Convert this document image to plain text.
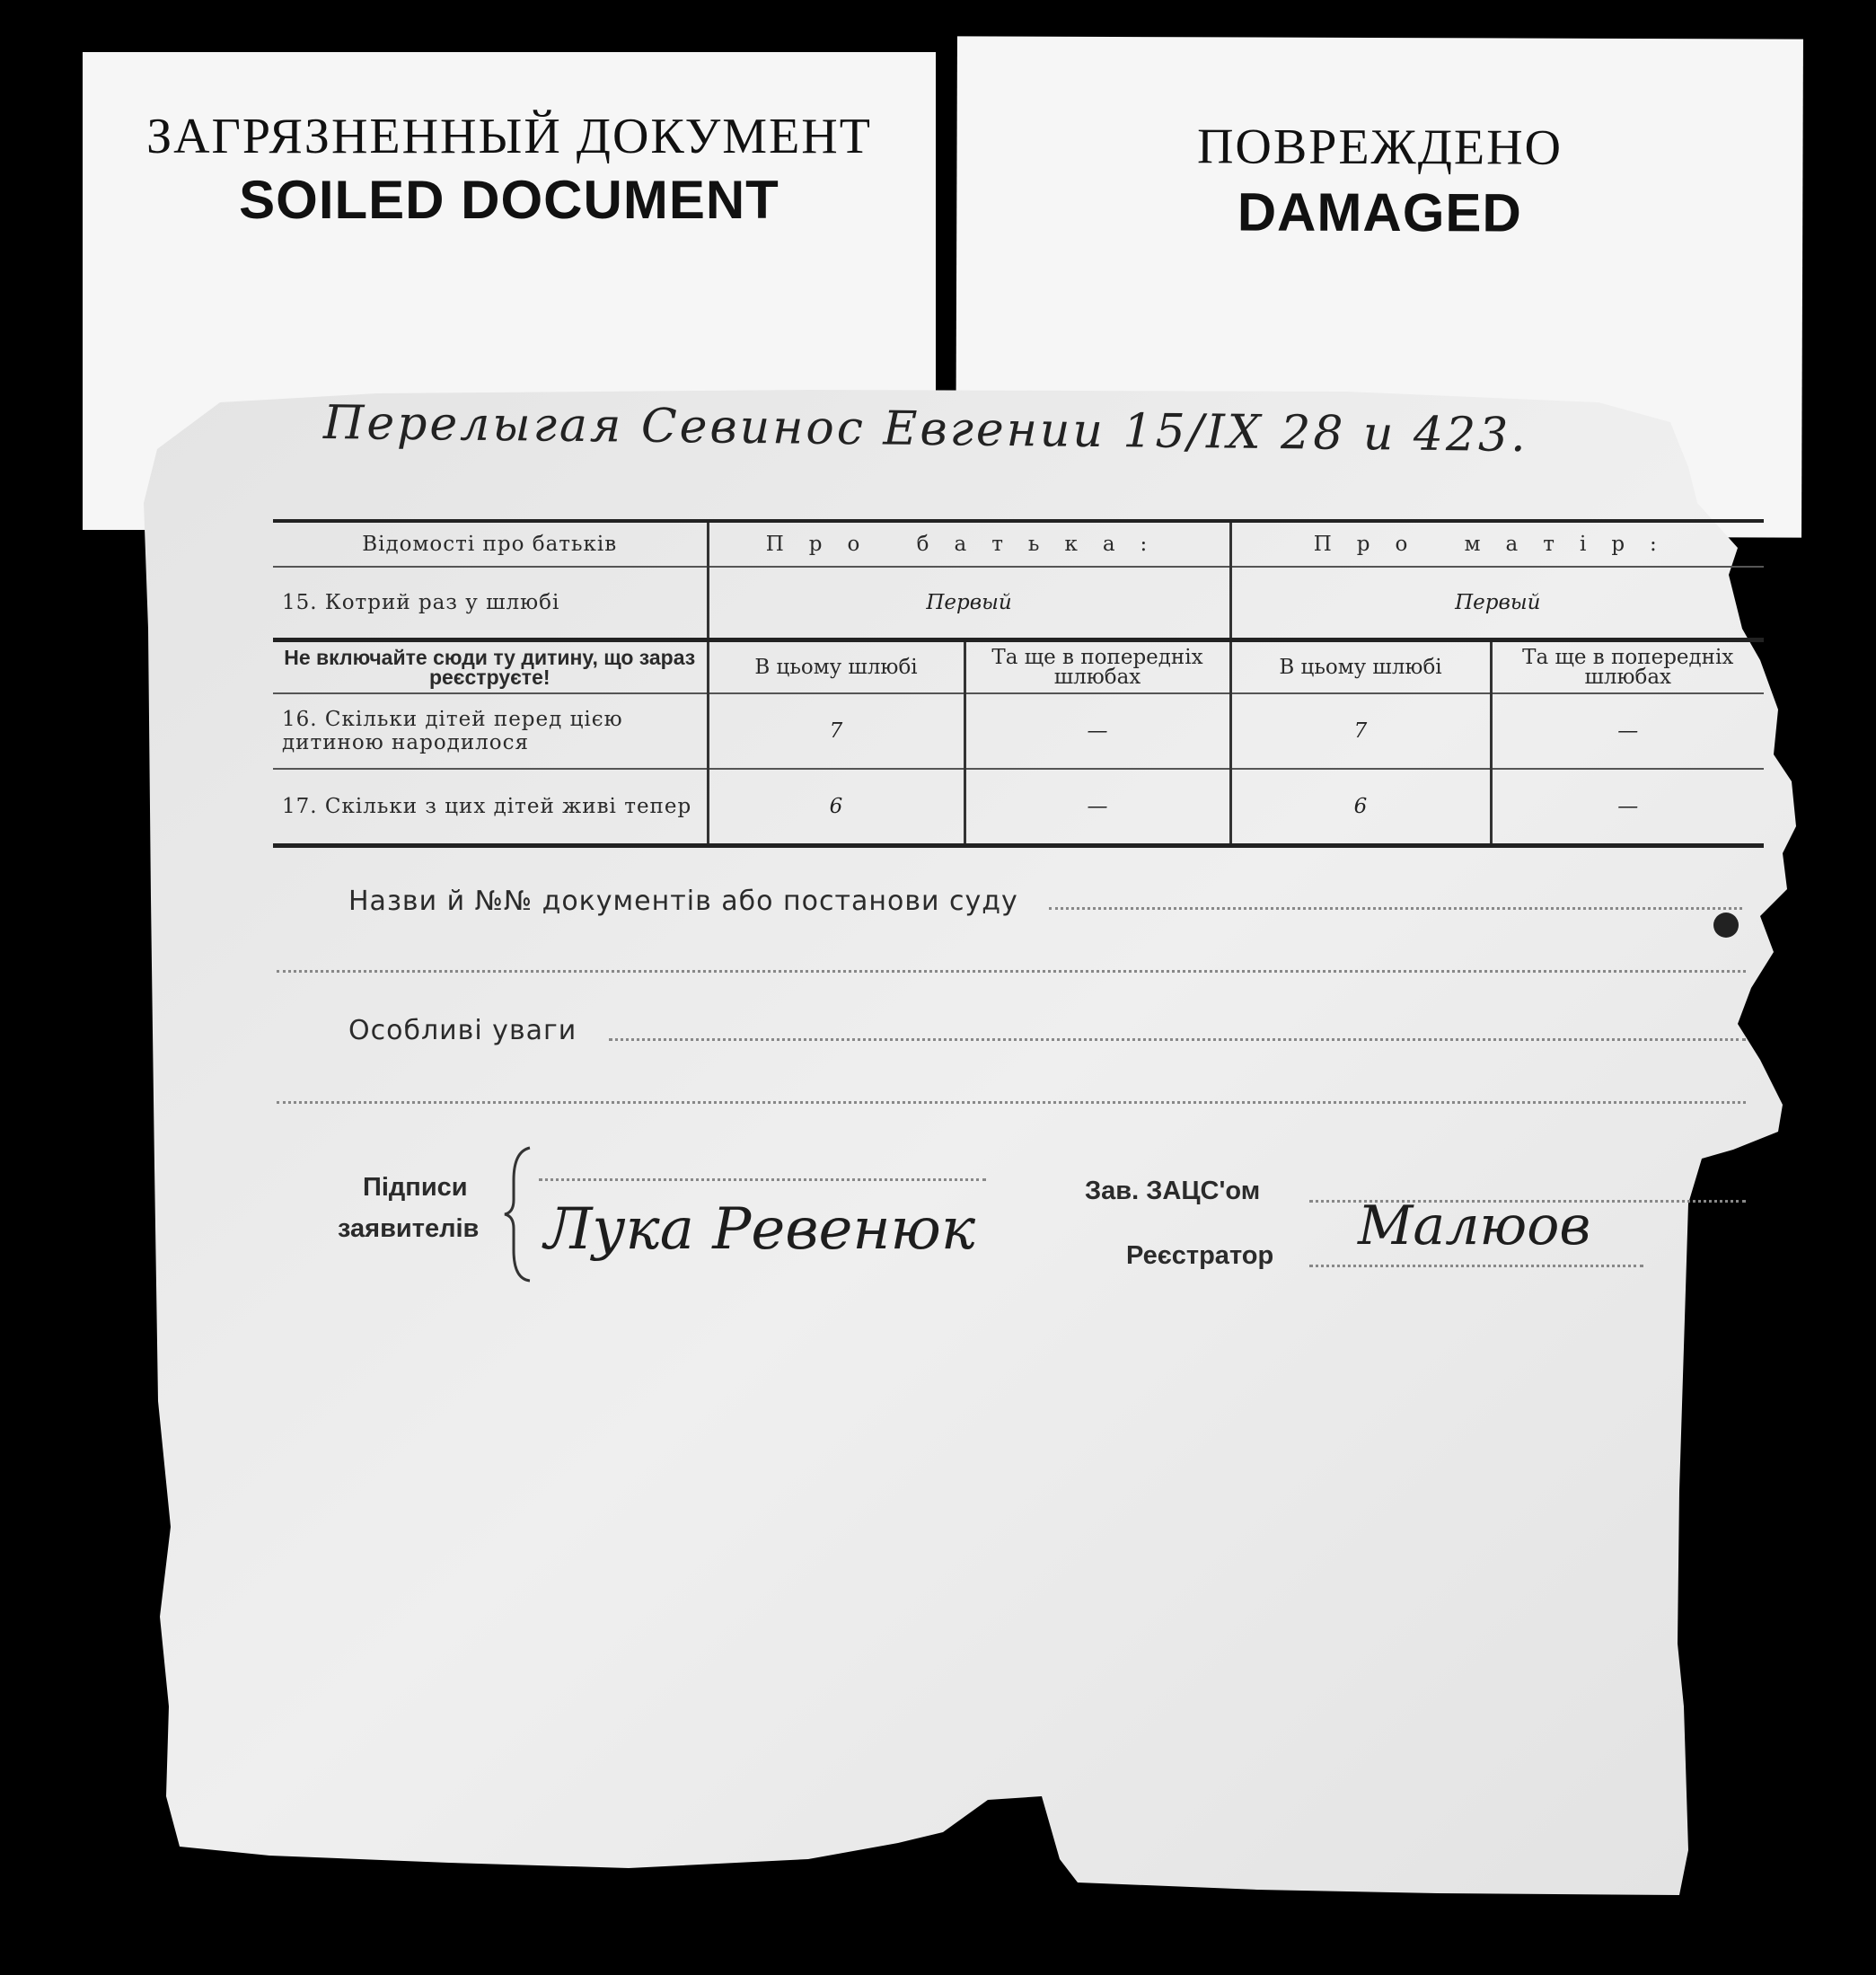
ЗАГРЯЗНЕННЫЙ ДОКУМЕНТ
SOILED DOCUMENT
ПОВРЕЖДЕНО
DAMAGED
Перелыгая Севинос Евгении 15/IX 28 и 423.
Відомості про батьків	Про батька:		Про матір:	
15. Котрий раз у шлюбі	Первый		Первый	
Не включайте сюди ту дитину, що зараз реєструєте!	В цьому шлюбі	Та ще в попередніх шлюбах	В цьому шлюбі	Та ще в попередніх шлюбах
16. Скільки дітей перед цією дитиною народилося	7	—	7	—
17. Скільки з цих дітей живі тепер	6	—	6	—
Назви й №№ документів або постанови суду
Особливі уваги
Підписи
заявителів Лука Ревенюк
Зав. ЗАЦС'ом
Реєстратор Малюов
